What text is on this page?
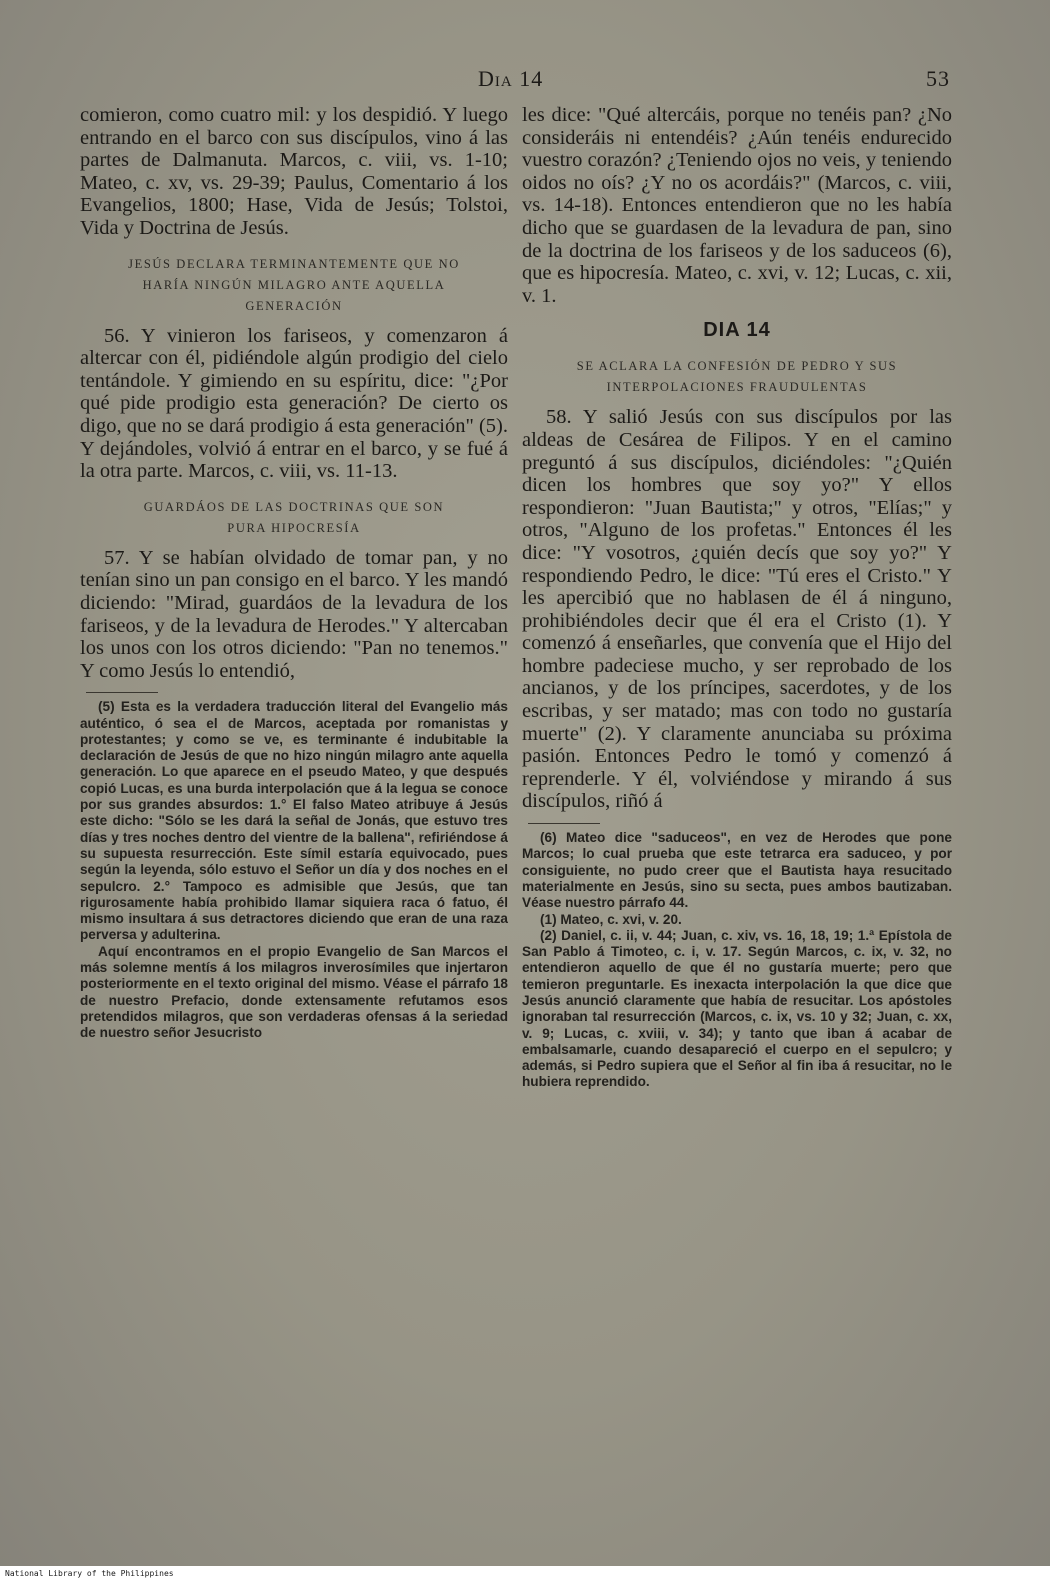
Dia 14	53

comieron, como cuatro mil: y los despidió. Y luego entrando en el barco con sus discípulos, vino á las partes de Dalmanuta. Marcos, c. viii, vs. 1-10; Mateo, c. xv, vs. 29-39; Paulus, Comentario á los Evangelios, 1800; Hase, Vida de Jesús; Tolstoi, Vida y Doctrina de Jesús.

JESÚS DECLARA TERMINANTEMENTE QUE NO
HARÍA NINGÚN MILAGRO ANTE AQUELLA
GENERACIÓN

56. Y vinieron los fariseos, y comenzaron á altercar con él, pidiéndole algún prodigio del cielo tentándole. Y gimiendo en su espíritu, dice: "¿Por qué pide prodigio esta generación? De cierto os digo, que no se dará prodigio á esta generación" (5). Y dejándoles, volvió á entrar en el barco, y se fué á la otra parte. Marcos, c. viii, vs. 11-13.

GUARDÁOS DE LAS DOCTRINAS QUE SON
PURA HIPOCRESÍA

57. Y se habían olvidado de tomar pan, y no tenían sino un pan consigo en el barco. Y les mandó diciendo: "Mirad, guardáos de la levadura de los fariseos, y de la levadura de Herodes." Y altercaban los unos con los otros diciendo: "Pan no tenemos." Y como Jesús lo entendió,

(5) Esta es la verdadera traducción literal del Evangelio más auténtico, ó sea el de Marcos, aceptada por romanistas y protestantes; y como se ve, es terminante é indubitable la declaración de Jesús de que no hizo ningún milagro ante aquella generación. Lo que aparece en el pseudo Mateo, y que después copió Lucas, es una burda interpolación que á la legua se conoce por sus grandes absurdos: 1.° El falso Mateo atribuye á Jesús este dicho: "Sólo se les dará la señal de Jonás, que estuvo tres días y tres noches dentro del vientre de la ballena", refiriéndose á su supuesta resurrección. Este símil estaría equivocado, pues según la leyenda, sólo estuvo el Señor un día y dos noches en el sepulcro. 2.° Tampoco es admisible que Jesús, que tan rigurosamente había prohibido llamar siquiera raca ó fatuo, él mismo insultara á sus detractores diciendo que eran de una raza perversa y adulterina.

Aquí encontramos en el propio Evangelio de San Marcos el más solemne mentís á los milagros inverosímiles que injertaron posteriormente en el texto original del mismo. Véase el párrafo 18 de nuestro Prefacio, donde extensamente refutamos esos pretendidos milagros, que son verdaderas ofensas á la seriedad de nuestro señor Jesucristo

les dice: "Qué altercáis, porque no tenéis pan? ¿No consideráis ni entendéis? ¿Aún tenéis endurecido vuestro corazón? ¿Teniendo ojos no veis, y teniendo oidos no oís? ¿Y no os acordáis?" (Marcos, c. viii, vs. 14-18). Entonces entendieron que no les había dicho que se guardasen de la levadura de pan, sino de la doctrina de los fariseos y de los saduceos (6), que es hipocresía. Mateo, c. xvi, v. 12; Lucas, c. xii, v. 1.

DIA 14
SE ACLARA LA CONFESIÓN DE PEDRO Y SUS
INTERPOLACIONES FRAUDULENTAS

58. Y salió Jesús con sus discípulos por las aldeas de Cesárea de Filipos. Y en el camino preguntó á sus discípulos, diciéndoles: "¿Quién dicen los hombres que soy yo?" Y ellos respondieron: "Juan Bautista;" y otros, "Elías;" y otros, "Alguno de los profetas." Entonces él les dice: "Y vosotros, ¿quién decís que soy yo?" Y respondiendo Pedro, le dice: "Tú eres el Cristo." Y les apercibió que no hablasen de él á ninguno, prohibiéndoles decir que él era el Cristo (1). Y comenzó á enseñarles, que convenía que el Hijo del hombre padeciese mucho, y ser reprobado de los ancianos, y de los príncipes, sacerdotes, y de los escribas, y ser matado; mas con todo no gustaría muerte" (2). Y claramente anunciaba su próxima pasión. Entonces Pedro le tomó y comenzó á reprenderle. Y él, volviéndose y mirando á sus discípulos, riñó á

(6) Mateo dice "saduceos", en vez de Herodes que pone Marcos; lo cual prueba que este tetrarca era saduceo, y por consiguiente, no pudo creer que el Bautista haya resucitado materialmente en Jesús, sino su secta, pues ambos bautizaban. Véase nuestro párrafo 44.

(1) Mateo, c. xvi, v. 20.

(2) Daniel, c. ii, v. 44; Juan, c. xiv, vs. 16, 18, 19; 1.ª Epístola de San Pablo á Timoteo, c. i, v. 17. Según Marcos, c. ix, v. 32, no entendieron aquello de que él no gustaría muerte; pero que temieron preguntarle. Es inexacta interpolación la que dice que Jesús anunció claramente que había de resucitar. Los apóstoles ignoraban tal resurrección (Marcos, c. ix, vs. 10 y 32; Juan, c. xx, v. 9; Lucas, c. xviii, v. 34); y tanto que iban á acabar de embalsamarle, cuando desapareció el cuerpo en el sepulcro; y además, si Pedro supiera que el Señor al fin iba á resucitar, no le hubiera reprendido.

National Library of the Philippines
